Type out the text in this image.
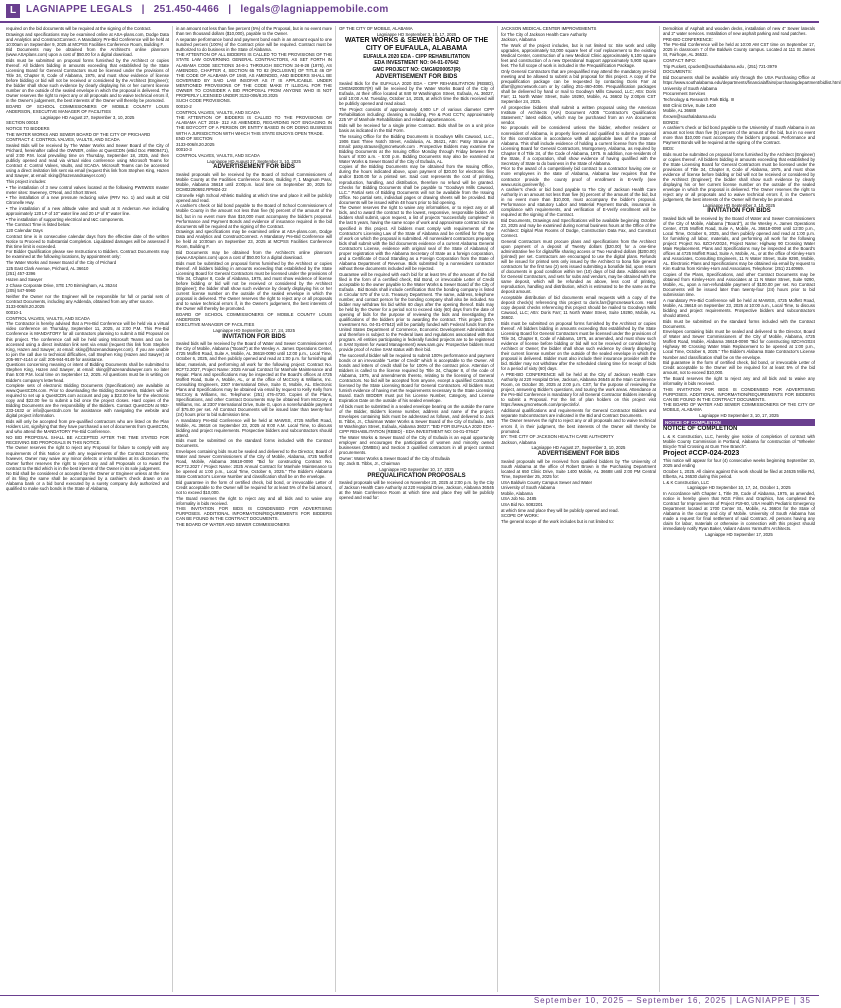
L LAGNIAPPE LEGALS | 251.450-4466 | legals@lagniappemobile.com

required on the bid documents will be required at the signing of the Contract.

Drawings and specifications may be examined online at ASA-plans.com, Dodge Data and Analytics and ConstructConnect. A Mandatory Pre-Bid Conference will be held at 10:00am on September 9, 2025 at MCPSS Facilities Conference Room, Building F.

Bid Documents may be obtained from the Architect's online planroom (www.ASAplans.com) upon a cost of $50.00 for a digital download.

Bids must be submitted on proposal forms furnished by the Architect or copies thereof. All bidders bidding in amounts exceeding that established by the State Licensing Board for General Contractors must be licensed under the provisions of Title 34, Chapter 8, Code of Alabama, 1975, and must show evidence of license before bidding or bid will not be received or considered by the Architect (Engineer); the bidder shall show such evidence by clearly displaying his or her current license number on the outside of the sealed envelope in which the proposal is delivered. The Owner reserves the right to reject any or all proposals and to waive technical errors if, in the Owner's judgement, the best interests of the Owner will thereby be promoted.

BOARD OF SCHOOL COMMISSIONERS OF MOBILE COUNTY LOUIS ANDERSON, EXECUTIVE MANAGER OF FACILITIES

Lagniappe HD August 27, September 3, 10, 2025

SECTION 00010

NOTICE TO BIDDERS

THE WATER WORKS AND SEWER BOARD OF THE CITY OF PRICHARD

CONTRACT 4: CONTROL VALVES, VAULTS, AND SCADA

Sealed Bids will be received by The Water Works and Sewer Board of the City of Prichard, hereinafter called the OWNER, online at QuestCDN (eBid Doc #9809471), until 2:00 P.M. local prevailing time on Thursday, September 18, 2025, and then publicly opened and read via virtual video conference using Microsoft Teams for Contract 4: Control Valves, Vaults, and SCADA. Microsoft Teams can be accessed using a direct invitation link sent via email (request this link from Stephen King, Hazen and Sawyer, at email: sking@hazenandsawyer.com)

This project includes:

• The installation of 3 new control valves located at the following PWSWSS master meter sites: Sweeney, O'Neal, and Short Street.

• The installation of a new pressure reducing valve (PRV No. 1) and vault at Old Citronelle Hwy.

• The installation of a new altitude valve and vault at S Anderson Ave including approximately 120 LF of 10" water line and 20 LF of 6" water line.

• The installation of supporting electrical and I&C components.

The Contract Time is listed below:

120 Calendar Days

Contract time is in consecutive calendar days from the effective date of the written Notice to Proceed to Substantial Completion. Liquidated damages will be assessed if this time limit is exceeded.

For Bidder Qualification please see Instructions to Bidders. Contract Documents may be examined at the following locations, by appointment only:

The Water Works and Sewer Board of the City of Prichard

125 East Clark Avenue, Prichard, AL 36610

(251) 457-3396

Hazen and Sawyer

2 Chase Corporate Drive, STE 170 Birmingham, AL 35244

(205) 547-5960

Neither the Owner nor the Engineer will be responsible for full or partial sets of Contract Documents, including any Addenda, obtained from any other source.

3133-006/8.20.2025

00010-1

CONTROL VALVES, VAULTS, AND SCADA

The Contractor is hereby advised that a Pre-Bid Conference will be held via a virtual video conference on Thursday, September 11, 2025, at 2:00 P.M. This Pre-Bid Conference is MANDATORY for all contractors planning to submit a Bid Proposal on this project. The conference call will be held using Microsoft Teams and can be accessed using a direct invitation link sent via email (request this link from Stephen King, Hazen and Sawyer, at email: sking@hazenandsawyer.com). If you are unable to join the call due to technical difficulties, call Stephen King (Hazen and Sawyer) at 205-957-4144 or call: 205-944-9149 for assistance.

Questions concerning meaning or intent of Bidding Documents shall be submitted to Stephen King, Hazen and Sawyer, at email: sking@hazenandsawyer.com no later than 5:00 P.M. local time on September 12, 2025. All questions must be in writing on Bidder's company's letterhead.

Complete sets of electronic Bidding Documents (Specifications) are available at www.QuestCDN.com. Prior to downloading the Bidding Documents, Bidders will be required to set up a QuestCDN.com account and pay a $22.00 fee for the electronic copy and $22.00 fee to submit a bid once the project closes. Hard copies of the Bidding Documents are the responsibility of the Bidders. Contact QuestCDN at 952-233-1632 or info@questcdn.com for assistance with navigating the website and digital project information.

Bids will only be accepted from pre-qualified contractors who are listed on the Plan Holders List, signifying that they have purchased a set of documents from QuestCDN, and who attend the MANDATORY Pre-Bid Conference.

NO BID PROPOSAL SHALL BE ACCEPTED AFTER THE TIME STATED FOR RECEIVING BID PROPOSALS IN THIS NOTICE.

The Owner reserves the right to reject any Proposal for failure to comply with any requirements of this Notice or with any requirements of the Contract Documents; however, Owner may waive any minor defects or informalities at its discretion. The Owner further reserves the right to reject any and all Proposals or to Award the contract to the Bid which is in the best interest of the Owner in its sole judgement.

No Bid shall be considered or accepted by the Owner or Engineer unless at the time of its filing the same shall be accompanied by a cashier's check drawn on an Alabama bank or a bid bond executed by a surety company duly authorized and qualified to make such bonds in the State of Alabama,

in an amount not less than five percent (5%) of the Proposal, but in no event more than ten thousand dollars ($10,000), payable to the Owner.

A separate performance bond and payment bond each in an amount equal to one hundred percent (100%) of the Contract price will be required. Contract must be authorized to do business in the State of Alabama.

THE ATTENTION OF ALL BIDDERS IS CALLED TO THE PROVISIONS OF THE STATE LAW GOVERNING GENERAL CONTRACTORS, AS SET FORTH IN ALABAMA CODE SECTIONS 34-8-1 THROUGH SECTION 34-8-28 (1975), AS AMENDED, CHAPTER 4, SECTION 65 TO 82 (INCLUSIVE) OF TITLE 46 OF THE CODE OF ALABAMA OF 1940, AS AMENDED, AND BIDDERS SHALL BE GOVERNED BY SAID LAW INSOFAR AS IT IS APPLICABLE. UNDER MENTIONED PROVISIONS OF THE CODE MAKE IT ILLEGAL FOR THE OWNER TO CONSIDER A BID PROPOSAL FROM ANYONE WHO IS NOT PROPERLY LICENSED UNDER 3133-006/8.20.2025

SUCH CODE PROVISIONS.

00010-2

CONTROL VALVES, VAULTS, AND SCADA

THE ATTENTION OF BIDDERS IS CALLED TO THE PROVISIONS OF ALABAMA ACT 2016- 312 AS AMENDED, REGARDING NOT ENGAGING IN THE BOYCOTT OF A PERSON OR ENTITY BASED IN OR DOING BUSINESS WITH A JURISDICTION WITH WHICH THIS STATE ENJOYS OPEN TRADE.

END OF SECTION

3133-006/8.20.2025

00010-3

CONTROL VALVES, VAULTS, AND SCADA

Lagniappe HD August 27, September 3, 10, 2025

ADVERTISEMENT FOR BIDS

Sealed proposals will be received by the Board of School Commissioners of Mobile County at the Facilities Conference Room, Building F, 1 Magnum Pass, Mobile, Alabama 36618 until 2:00p.m. local time on September 30, 2025 for DCM02250692.RPM24-22

Citronelle High School Athletic Building at which time and place it will be publicly opened and read.

A cashier's check or bid bond payable to the Board of School Commissioners of Mobile County in the amount not less than five (5) percent of the amount of the bid, but in no event more than $10,000 must accompany the bidder's proposal. Performance and Payment Bonds and evidence of insurance required in the bid documents will be required at the signing of the Contract.

Drawings and specifications may be examined online at ASA-plans.com, Dodge Data and Analytics and ConstructConnect. A Mandatory Pre-Bid Conference will be held at 10:00am on September 23, 2025 at MCPSS Facilities Conference Room, Building F.

Bid Documents may be obtained from the Architect's online planroom (www.ASAplans.com) upon a cost of $50.00 for a digital download.

Bids must be submitted on proposal forms furnished by the Architect or copies thereof. All bidders bidding in amounts exceeding that established by the State Licensing Board for General Contractors must be licensed under the provisions of Title 34, Chapter 8, Code of Alabama, 1975, and must show evidence of license before bidding or bid will not be received or considered by the Architect (Engineer); the bidder shall show such evidence by clearly displaying his or her current license number on the outside of the sealed envelope in which the proposal is delivered. The Owner reserves the right to reject any or all proposals and to waive technical errors if, in the Owner's judgement, the best interests of the Owner will thereby be promoted.

BOARD OF SCHOOL COMMISSIONERS OF MOBILE COUNTY LOUIS ANDERSON

EXECUTIVE MANAGER OF FACILITIES

Lagniappe HD September 10, 17, 24, 2025

INVITATION FOR BIDS

Sealed bids will be received by the Board of Water and Sewer Commissioners of the City of Mobile, Alabama ("Board") at the Wesley A. James Operations Center, 4725 Moffett Road, Suite A, Mobile, AL 36618-0090 until 12:00 p.m., Local Time, October 6, 2025, and then publicly opened and read at 1:00 p.m. for furnishing all labor, materials, and performing all work for the following project: Contract No. 8CF72.2027, Project Name: 2025 Annual Contract for Manhole Maintenance and Repair. Plans and specifications may be inspected at the Board's offices at 4725 Moffett Road, Suite A, Mobile, AL, or at the office of McCrory & Williams, Inc. Consulting Engineers, 2307 International Drive, Suite G, Mobile, AL. Electronic Plans and Specifications may be obtained via email by request to Kelly Kelly from McCrory & Williams, Inc. Telephone: (251) 476-4720. Copies of the Plans, Specifications, and other Contract Documents may be obtained from McCrory & Williams, Inc. at 2307 International Drive, Suite G, upon a nonrefundable payment of $75.00 per set. All Contract Documents will be issued later than twenty-four (24) hours prior to bid submission time.

A mandatory Pre-Bid Conference will be held at MAWSS, 4725 Moffett Road, Mobile, AL 36618 on September 23, 2025 at 9:00 A.M. Local Time, to discuss bidding and project requirements. Prospective bidders and subcontractors should attend.

Bids must be submitted on the standard forms included with the Contract Documents.

Envelopes containing bids must be sealed and delivered to the Director, Board of Water and Sewer Commissioners of the City of Mobile, Alabama, 4725 Moffett Road, Mobile, Alabama 36618-0090 "Bid for constructing Contract No. 8CF72.2027 / Project Name: 2025 Annual Contract for Manhole Maintenance to be opened at 1:00 p.m., Local Time, October 6, 2025." The Bidder's Alabama State Contractor's License Number and classification shall be on the envelope.

Bid guarantee in the form of certified check, bid bond, or irrevocable Letter of Credit acceptable to the Owner will be required for at least 5% of the bid amount, not to exceed $10,000.

The Board reserves the right to reject any and all bids and to waive any informality in bids received.

THIS INVITATION FOR BIDS IS CONDENSED FOR ADVERTISING PURPOSES. ADDITIONAL INFORMATION/REQUIREMENTS FOR BIDDERS CAN BE FOUND IN THE CONTRACT DOCUMENTS.

THE BOARD OF WATER AND SEWER COMMISSIONERS

OF THE CITY OF MOBILE, ALABAMA

Lagniappe HD September 3, 10, 17, 2025

WATER WORKS & SEWER BOARD OF THE CITY OF EUFAULA, ALABAMA

EUFAULA 2020 EDA - CIPP REHABILITATION

EDA INVESTMENT NO: 04-01-07642

GMC PROJECT NO: CMGM200057(R)

ADVERTISEMENT FOR BIDS

Sealed Bids for the EUFAULA 2020 EDA - CIPP REHABILITATION (REBID), CMGM200057(R) will be received by the Water Works Board of the City of Eufaula, at their office located at 840 W Washington Street, Eufaula, AL 36027, until 10:00 A.M. Tuesday, October 14, 2025, at which time the Bids received will be publicly opened and read aloud.

The Project consists of approximately 4,900 LF of various diameter CIPP Rehabilitation including: cleaning & mudding, Pre & Post CCTV, approximately 225 VF of Manhole Rehabilitation and related appurtenances.

Bids will be received for a single prime Contract. Bids shall be on a unit price basis as indicated in the Bid Form.

The Issuing Office for the Bidding Documents is Goodwyn Mills Cawood, LLC., 1906 East Three Notch Street, Andalusia, AL 36421, Attn: Patsy Strause at Email: patsy.strause@gmcnetwork.com . Prospective Bidders may examine the Bidding Documents at the Issuing Office Monday through Friday between the hours of 8:00 a.m. - 5:00 p.m. Bidding Documents may also be examined at Water Works & Sewer Board of the City of Eufaula, AL.

Copies of the Bidding Documents may be obtained from the Issuing Office, during the hours indicated above, upon payment of $20.00 for electronic files and/or $100.00 for a printed set. Said cost represents the cost of printing, reproduction, handling, and distribution, therefore no refund will be granted. Checks for Bidding Documents shall be payable to "Goodwyn Mills Cawood, LLC." Partial sets of Bidding Documents will not be available from the Issuing Office. No partial sets, individual pages or drawing sheets will be provided. Bid documents will be issued within 48 hours prior to bid opening.

The Owner reserves the right to waive any informalities, or to reject any or all bids, and to award the contract to the lowest, responsive, responsible bidder. All bidders shall submit, upon request, a list of projects "successfully completed" in the last 5 years, having the same scope of work and approximate contract size as specified in this project. All bidders must comply with requirements of the Contractor's Licensing Law of the State of Alabama and be certified for the type of work on which the proposal is submitted. All nonresident contractors preparing bids shall submit with the bid documents evidence of a current Alabama General Contractor's License, evidence with original seal of the State of Alabama) of proper registration with the Alabama Secretary of State as a foreign corporation, and a Certificate of Good Standing as a Foreign Corporation from the State of Alabama Department of Revenue. Bids submitted by a nonresident contractor without these documents included will be rejected.

Guarantee will be required with each bid for at least 5% of the amount of the bid filed in the form of a certified check, Bid Bond, or irrevocable Letter of Credit acceptable to the owner payable to the Water Works & Sewer Board of the City of Eufaula . Bid Bonds shall include certification that the bonding company is listed in Circular 570 of the U.S. Treasury Department. The name, address, telephone number, and contact person for the bonding company shall also be included. No bidder may withdraw his bid within 60 days after the opening thereof. Bids may be held by the Owner for a period not to exceed sixty (60) days from the date of opening of bids for the purpose of reviewing the bids and investigating the qualifications of the bidders prior to awarding the contract. This project (EDA Investment No. 04-01-07642) will be partially funded with Federal funds from the United States Department of Commerce, Economic Development Administration and therefore is subject to the Federal laws and regulations associated with that program. All entities participating in federally funded projects are to be registered in SAM System for Award Management) www.sam.gov. Prospective bidders must provide proof of Active SAM status with their bid.

The successful bidder will be required to submit 100% performance and payment bonds or an irrevocable "Letter of Credit" which is acceptable to the Owner. All bonds and letters of credit shall be for 100% of the contract price. Attention of Bidders is called to the license required by Title 34, Chapter 8, of the code of Alabama, 1975, and amendments thereto, relating to the licensing of General Contractors. No bid will be accepted from anyone, except a qualified Contractor, licensed by the State Licensing Board for General Contractors. All bidders must furnish evidence of having met the requirements necessary to the State Licensing Board. Each BIDDER must put his License Number, Category, and License Expiration Date on the outside of his sealed envelope.

All bids must be submitted in a sealed envelope bearing on the outside the name of the Bidder, Bidder's license number, address and name of the project. Envelopes containing bids must be addressed as follows, and delivered to Jack B. Tibbs, Jr., Chairman Water Works & Sewer Board of the City of Eufaula , 840 W Washington Street, Eufaula, Alabama 36027: "BID FOR EUFAULA 2020 EDA - CIPP REHABILITATION (REBID) - EDA INVESTMENT NO: 04-01-07642"

The Water Works & Sewer Board of the City of Eufaula is an equal opportunity employer and encourages the participation of women and minority owned businesses (DMBEs) and Section 3 qualified contractors in all project contract procurements.

Owner: Water Works & Sewer Board of the City of Eufaula

By: Jack B. Tibbs, Jr., Chairman

Lagniappe HD September 10, 17, 2025

PREQUALIFICATION PROPOSALS

Sealed proposals will be received on November 20, 2025 at 2:00 p.m. by the City of Jackson Health Care Authority at 220 Hospital Drive, Jackson, Alabama 36545 at the Main Conference Room at which time and place they will be publicly opened and read for:

JACKSON MEDICAL CENTER IMPROVEMENTS

for The City of Jackson Health Care Authority

Jackson, Alabama

The Work of the project includes, but is not limited to: Site work and utility upgrades, approximately 53,000 square feet of roof replacement to the existing Medical Center, construction of a new Medical Clinic approximately 6,100 square feet and construction of a new Operational Support approximately 5,900 square feet. The full scope of work is included in the Prequalification Package.

Only General Contractors that are prequalified may attend the mandatory pre-bid meeting and be allowed to submit a bid proposal for this project. A copy of the prequalification package can be requested by contacting Doris Farr at dfarr@gmcnetwork.com or by calling 251-460-4006. Prequalification packages shall be delivered by hand or mail to Goodwyn Mills Cawood, LLC; Attn: Doris Farr; 11 North Water Street, Suite 19290, Mobile, AL 36602 by 2:00pm CST September 24, 2025.

All prospective bidders shall submit a written proposal using the American Institute of Architects (AIA) Document A305 "Contractor's Qualification Statement," latest edition, which may be purchased from an AIA documents vendor.

No proposals will be considered unless the bidder, whether resident or nonresident of Alabama, is properly licensed and qualified to submit a proposal for this construction in accordance with all applicable laws of the State of Alabama. This shall include evidence of holding a current license from the State Licensing Board for General Contractors, Montgomery, Alabama, as required by Chapter 8 of Title 34, of the Code of Alabama, 1975. In addition, non-residents of the State, if a corporation, shall show evidence of having qualified with the Secretary of State to do business in the State of Alabama.

Prior to the award of a competitively bid contract to a contractor having one or more employees in the state of Alabama, Alabama law requires that the contractor provide the county proof of enrollment in E-Verify (see www.uscis.gov/everify).

A cashier's check or bid bond payable to The City of Jackson Health Care Authority in an amount not less than five (5) percent of the amount of the bid, but in no event more than $10,000, must accompany the bidder's proposal. Performance and statutory Labor and Material Payment Bonds, insurance in compliance with requirements, and verification of E-Verify enrollment will be required at the signing of the Contract.

Bid Documents, Drawings and Specifications will be available beginning October 23, 2025 and may be examined during normal business hours at the Office of the Architect: Digital Plan Rooms of Dodge, Construction Data Fax, and Construct Connect.

General Contractors must procure plans and specifications from the Architect upon payment of a deposit of Twenty dollars ($20.00) for a one-time administrative fee for digital/file sharing access or Two Hundred dollars ($200.00) (printed) per set. Contractors are encouraged to use the digital plans. Refunds will be issued for printed sets only issued by the Architect to bona fide general contractors for the first two (2) sets issued submitting a bonafide bid, upon return of documents in good condition within ten (10) days of bid date. Additional sets for General Contractors, and sets for subs and vendors, may be obtained with the same deposit, which will be refunded as above, less cost of printing, reproduction, handling and distribution, which is estimated to be the same as the deposit amount.

Acceptable distribution of bid documents email requests with a copy of the deposit check(s) referencing this project to doris.farr@gmcnetwork.com. Hard copy deposit checks referencing this project should be mailed to Goodwyn Mills Cawood, LLC; Attn: Doris Farr; 11 North Water Street, Suite 19290, Mobile, AL 36602.

Bids must be submitted on proposal forms furnished by the Architect or copies thereof. All bidders bidding in amounts exceeding that established by the State Licensing Board for General Contractors must be licensed under the provisions of Title 34, Chapter 8, Code of Alabama, 1975, as amended, and must show such evidence of license before bidding or bid will not be received or considered by Architect or Owner; the bidder shall show such evidence by clearly displaying their current license number on the outside of the sealed envelope in which the proposal is delivered. Bidder must also include their insurance provider with the bid. Bidder may not withdraw after the scheduled closing time for receipt of bids for a period of sixty (60) days.

A PRE-BID CONFERENCE will be held at the City of Jackson Health Care Authority at 220 Hospital Drive, Jackson, Alabama 36545 at the Main Conference Room, on October 30, 2025 at 2:00 p.m. CST, for the purpose of reviewing the project, answering Bidder's questions, and touring the work areas. Attendance at the Pre-Bid Conference is mandatory for all General Contractor Bidders intending to submit a Proposal. For the list of plan holders on this project visit https://www.gmcnetwork.com/projectinfo/.

Additional qualifications and requirements for General Contractor Bidders and separate Subcontractors are indicated in the Bid and Contract Documents.

The Owner reserves the right to reject any or all proposals and to waive technical errors if, in their judgment, the best interests of the Owner will thereby be promoted.

BY: THE CITY OF JACKSON HEALTH CARE AUTHORITY

Jackson, Alabama

Lagniappe HD August 27, September 3, 10, 2025

ADVERTISEMENT FOR BIDS

Sealed proposals will be received from qualified bidders by The University of South Alabama at the office of Robert Brown in the Purchasing Department located at 650 Clinic Drive, Suite 1400 Mobile, AL 36688 until 2:00 PM Central Time, September 25, 2025 for:

USA Baldwin County Campus Sewer and Water

University of South Alabama

Mobile, Alabama

USA Job No. 2485

USA Bid No. 5082201

at which time and place they will be publicly opened and read.

SCOPE OF WORK:

The general scope of the work includes but is not limited to:

Demolition of Asphalt and wooden decks, installation of new 4" Sewer laterals and 2" water services. Installation of new asphalt parking and road patches.

PRE-BID CONFERENCE:

The Pre-Bid Conference will be held at 10:00 AM CST time on September 17, 2025 in classroom 7 of the Baldwin County campus. Located at 111 St James St, Fairhope, AL 36532.

CONTACT INFO:

Trip Puckett, cpuckett@southalabama.edu , (251) 721-3979

DOCUMENTS:

Bid Documents shall be available only through the USA Purchasing Office at https://www.southalabama.edu/departments/financialaffairs/purchasingdepartment/bidlist.html

University of South Alabama

Procurement Services

Technology & Research Park Bldg. III

650 Clinic Drive, Suite 1400

Mobile, AL 36688

rbrown@southalabama.edu

BONDS:

A cashier's check or bid bond payable to the University of South Alabama in an amount not less than five (5) percent of the amount of the bid, but in no event more than $10,000 must accompany the bidder's proposal. Performance and Payment Bonds will be required at the signing of the Contract.

BIDS:

Bids must be submitted on proposal forms furnished by the Architect (Engineer) or copies thereof. All bidders bidding in amounts exceeding that established by the State Licensing Board for General Contractors must be licensed under the provisions of Title 34, Chapter 8, Code of Alabama, 1975, and must show evidence of license before bidding or bid will not be received or considered by the Architect (Engineer); the bidder shall show such evidence by clearly displaying his or her current license number on the outside of the sealed envelope in which the proposal is delivered. The Owner reserves the right to reject any or all proposals and to waive technical errors if, in the Owner's judgement, the best interests of the Owner will thereby be promoted.

Lagniappe HD September 3, 10, 2025

INVITATION FOR BIDS

Sealed bids will be received by the Board of Water and Sewer Commissioners of the City of Mobile, Alabama ("Board"), at the Wesley A. James Operations Center, 4725 Moffett Road, Suite A, Mobile, AL 36618-0090 until 12:00 p.m., Local Time, October 6, 2025, and then publicly opened and read at 1:00 p.m. for furnishing all labor, materials, and performing all work for the following project: Project No. 8ZCHV2024, Project Name: Highway 90 Crossing Water Main Replacement. Plans and Specifications may be inspected at the Board's offices at 4725 Moffett Road, Suite A, Mobile, AL, or at the office of Kimley-Horn and Associates, Consulting Engineers, 11 N Water Street, Suite 9290, Mobile, AL. Electronic Plans and Specifications may be obtained via email by request to Kim Kudrna from Kimley-Horn and Associates, Telephone: (251) 2140969.

Copies of the Plans, Specifications, and other Contract Documents may be obtained from Kimley-Horn and Associates at 11 N Water Street, Suite 9290, Mobile, AL, upon a non-refundable payment of $100.00 per set. No Contract Documents will be issued later than twenty-four (24) hours prior to bid submission time.

A mandatory Pre-Bid Conference will be held at MAWSS, 4725 Moffett Road, Mobile, AL 36618 on September 23, 2025 at 10:00 a.m., Local Time, to discuss bidding and project requirements. Prospective bidders and subcontractors should attend.

Bids must be submitted on the standard forms included with the Contract Documents.

Envelopes containing bids must be sealed and delivered to the Director, Board of Water and Sewer Commissioners of the City of Mobile, Alabama, 4725 Moffett Road, Mobile, Alabama 36618-0090 "Bid for constructing 8ZCHV2024 Highway 90 Crossing Water Main Replacement to be opened at 1:00 p.m., Local Time, October 6, 2025." The Bidder's Alabama State Contractor's License Number and classification shall be on the envelope.

Bid guarantee in the form of certified check, bid bond, or irrevocable Letter of Credit acceptable to the Owner will be required for at least 5% of the bid amount, not to exceed $10,000.

The Board reserves the right to reject any and all bids and to waive any informality in bids received.

THIS INVITATION FOR BIDS IS CONDENSED FOR ADVERTISING PURPOSES. ADDITIONAL INFORMATION/REQUIREMENTS FOR BIDDERS CAN BE FOUND IN THE CONTRACT DOCUMENTS.

THE BOARD OF WATER AND SEWER COMMISSIONERS OF THE CITY OF MOBILE, ALABAMA

Lagniappe HD September 3, 10, 17, 2025

NOTICE OF COMPLETION

NOTICE OF COMPLETION

L & K Construction, LLC, hereby give notice of completion of contract with Mobile County Commission in Portland, Alabama for construction of "Wheeler Bicycle Trail Crossing at Gum Tree Branch".

Project #CCP-024-2023

This notice will appear for four (4) consecutive weeks beginning September 10, 2025 and ending

October 1, 2025. All claims against this work should be filed at 24635 Millie Rd, Elberta, AL 36530 during this period.

L & K Construction, LLC

Lagniappe HD September 10, 17, 24, October 1, 2025

In Accordance with Chapter 1, Title 39, Code of Alabama, 1975, as amended, notice is hereby given that NGS Films and Graphics, has completed the Contract for Improvements of Project #19-60, USA Health Pediatric Emergency Department located at 1700 Center St., Mobile, AL 36604 for the State of Alabama in the county and city of Mobile. University of South Alabama has made a request for final settlement of said Contract. All persons having any claim for labor, materials or otherwise in connection with this project should immediately notify Ryan Baker, Valiant Adams Yarmuth's Architects.

Lagniappe HD September 17, 2025

September 10, 2025 – September 16, 2025 | LAGNIAPPE | 35
